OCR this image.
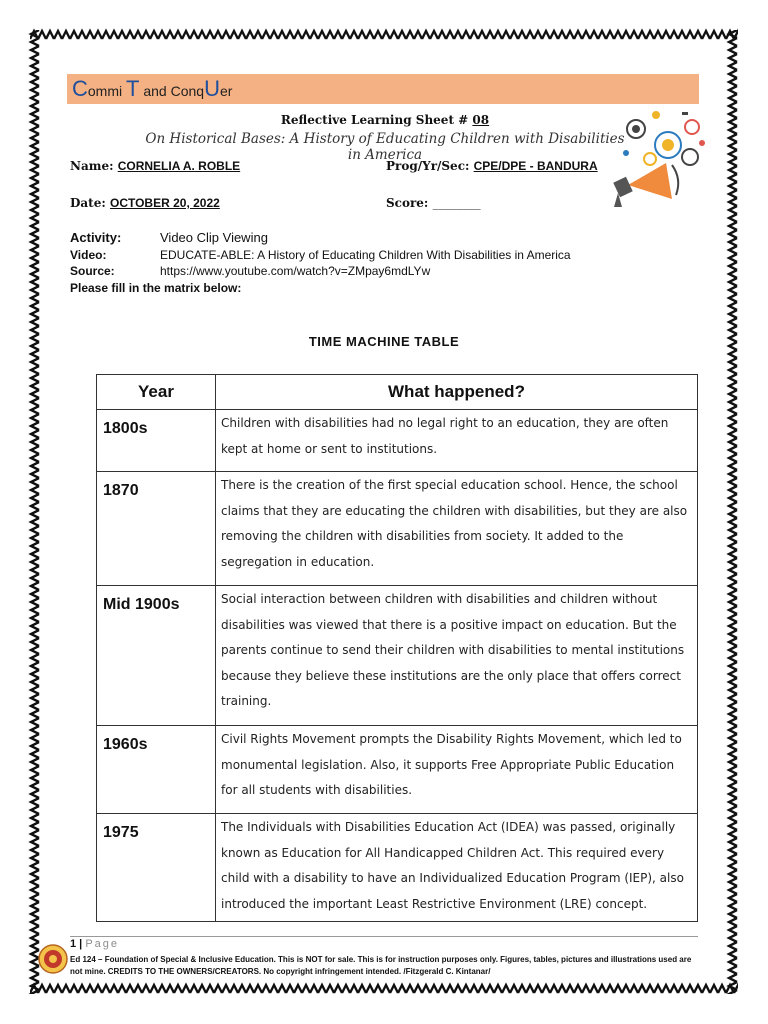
Commi T and ConqUer
Reflective Learning Sheet # 08
On Historical Bases: A History of Educating Children with Disabilities in America
Name: CORNELIA A. ROBLE	Prog/Yr/Sec: CPE/DPE - BANDURA
Date: OCTOBER 20, 2022	Score: ________
Activity:	Video Clip Viewing
Video:	EDUCATE-ABLE: A History of Educating Children With Disabilities in America
Source:	https://www.youtube.com/watch?v=ZMpay6mdLYw
Please fill in the matrix below:
TIME MACHINE TABLE
Year	What happened?
1800s	Children with disabilities had no legal right to an education, they are often kept at home or sent to institutions.
1870	There is the creation of the first special education school. Hence, the school claims that they are educating the children with disabilities, but they are also removing the children with disabilities from society. It added to the segregation in education.
Mid 1900s	Social interaction between children with disabilities and children without disabilities was viewed that there is a positive impact on education. But the parents continue to send their children with disabilities to mental institutions because they believe these institutions are the only place that offers correct training.
1960s	Civil Rights Movement prompts the Disability Rights Movement, which led to monumental legislation. Also, it supports Free Appropriate Public Education for all students with disabilities.
1975	The Individuals with Disabilities Education Act (IDEA) was passed, originally known as Education for All Handicapped Children Act. This required every child with a disability to have an Individualized Education Program (IEP), also introduced the important Least Restrictive Environment (LRE) concept.
1 | Page
Ed 124 – Foundation of Special & Inclusive Education. This is NOT for sale. This is for instruction purposes only. Figures, tables, pictures and illustrations used are not mine. CREDITS TO THE OWNERS/CREATORS. No copyright infringement intended. /Fitzgerald C. Kintanar/
